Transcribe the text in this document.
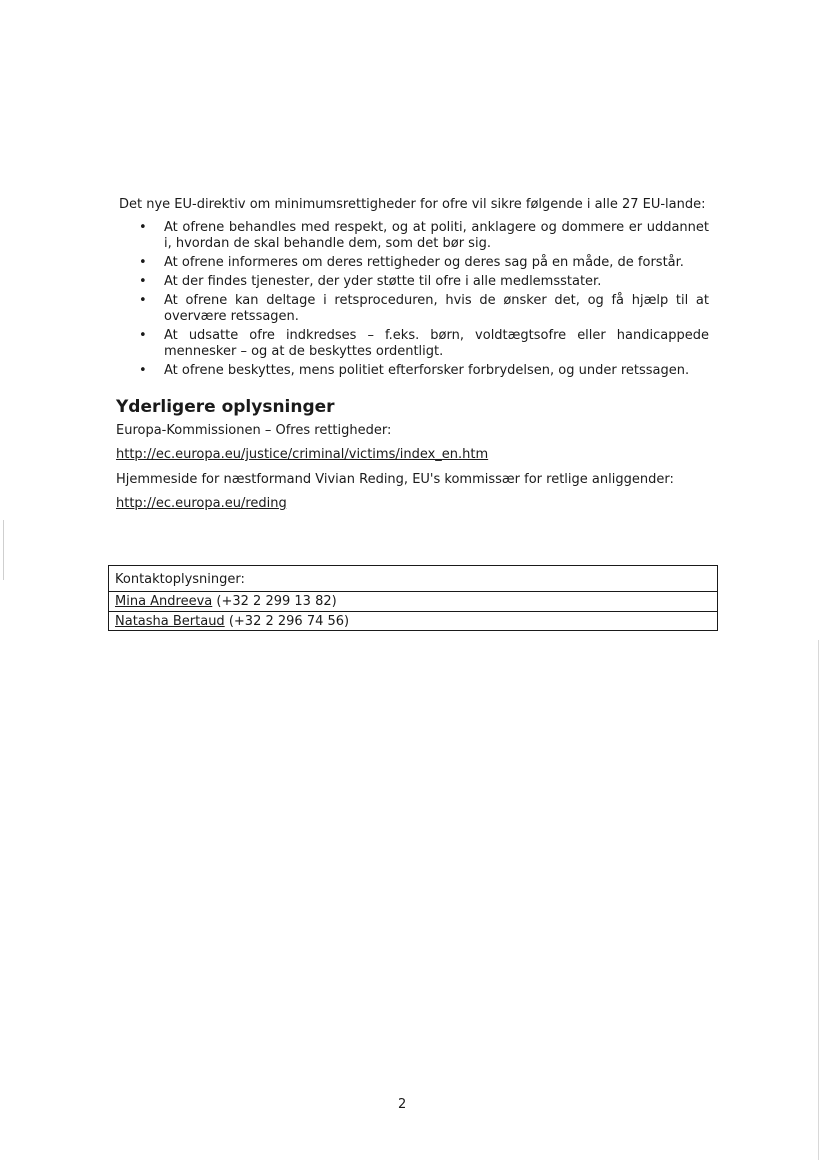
Det nye EU-direktiv om minimumsrettigheder for ofre vil sikre følgende i alle 27 EU-lande:
• At ofrene behandles med respekt, og at politi, anklagere og dommere er uddannet i, hvordan de skal behandle dem, som det bør sig.
• At ofrene informeres om deres rettigheder og deres sag på en måde, de forstår.
• At der findes tjenester, der yder støtte til ofre i alle medlemsstater.
• At ofrene kan deltage i retsproceduren, hvis de ønsker det, og få hjælp til at overvære retssagen.
• At udsatte ofre indkredses – f.eks. børn, voldtægtsofre eller handicappede mennesker – og at de beskyttes ordentligt.
• At ofrene beskyttes, mens politiet efterforsker forbrydelsen, og under retssagen.
Yderligere oplysninger
Europa-Kommissionen – Ofres rettigheder:
http://ec.europa.eu/justice/criminal/victims/index_en.htm
Hjemmeside for næstformand Vivian Reding, EU's kommissær for retlige anliggender:
http://ec.europa.eu/reding
Kontaktoplysninger:
Mina Andreeva (+32 2 299 13 82)
Natasha Bertaud (+32 2 296 74 56)
2
